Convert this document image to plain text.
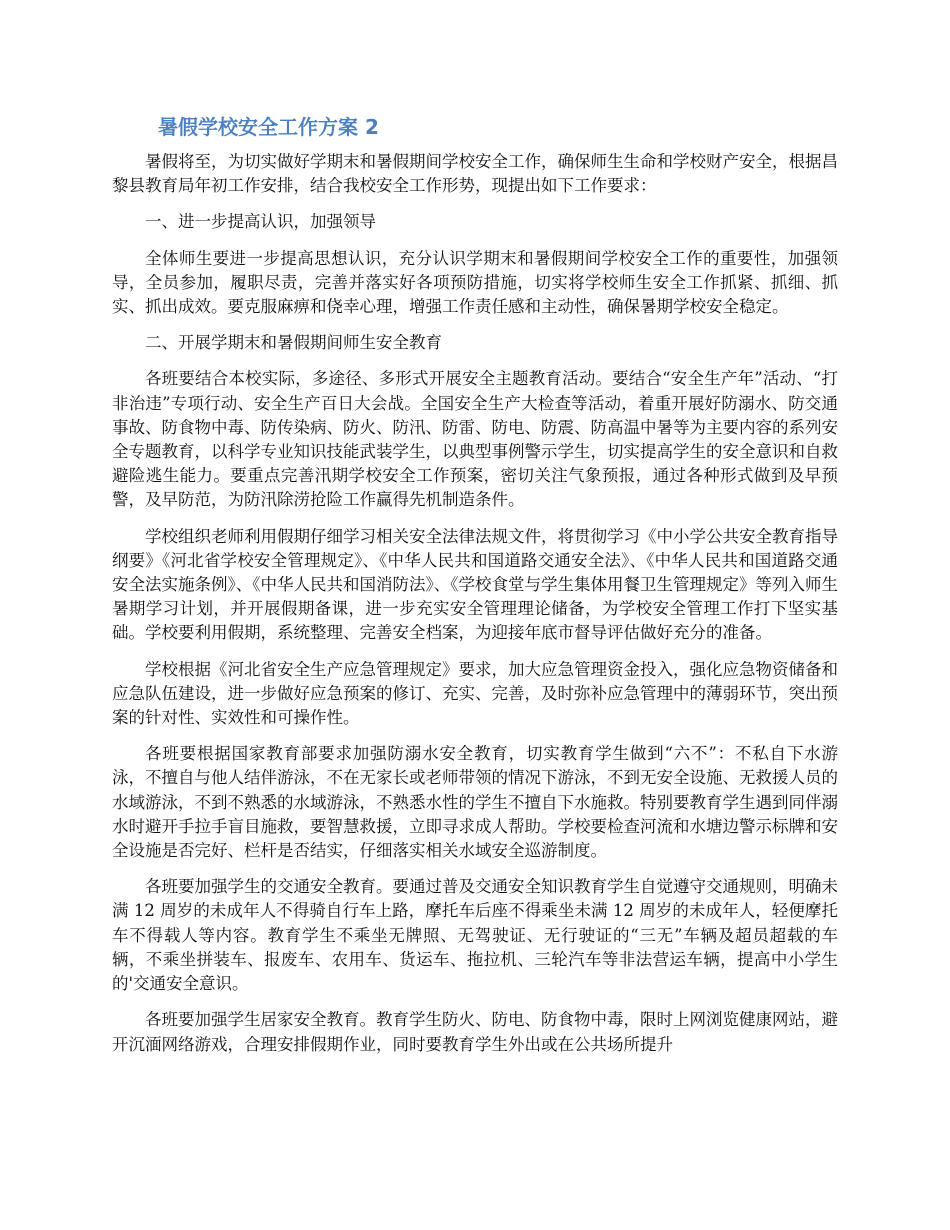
暑假学校安全工作方案 2

暑假将至，为切实做好学期末和暑假期间学校安全工作，确保师生生命和学校财产安全，根据昌黎县教育局年初工作安排，结合我校安全工作形势，现提出如下工作要求：

一、进一步提高认识，加强领导

全体师生要进一步提高思想认识，充分认识学期末和暑假期间学校安全工作的重要性，加强领导，全员参加，履职尽责，完善并落实好各项预防措施，切实将学校师生安全工作抓紧、抓细、抓实、抓出成效。要克服麻痹和侥幸心理，增强工作责任感和主动性，确保暑期学校安全稳定。

二、开展学期末和暑假期间师生安全教育

各班要结合本校实际，多途径、多形式开展安全主题教育活动。要结合“安全生产年”活动、“打非治违”专项行动、安全生产百日大会战。全国安全生产大检查等活动，着重开展好防溺水、防交通事故、防食物中毒、防传染病、防火、防汛、防雷、防电、防震、防高温中暑等为主要内容的系列安全专题教育，以科学专业知识技能武装学生，以典型事例警示学生，切实提高学生的安全意识和自救避险逃生能力。要重点完善汛期学校安全工作预案，密切关注气象预报，通过各种形式做到及早预警，及早防范，为防汛除涝抢险工作赢得先机制造条件。

学校组织老师利用假期仔细学习相关安全法律法规文件，将贯彻学习《中小学公共安全教育指导纲要》《河北省学校安全管理规定》、《中华人民共和国道路交通安全法》、《中华人民共和国道路交通安全法实施条例》、《中华人民共和国消防法》、《学校食堂与学生集体用餐卫生管理规定》等列入师生暑期学习计划，并开展假期备课，进一步充实安全管理理论储备，为学校安全管理工作打下坚实基础。学校要利用假期，系统整理、完善安全档案，为迎接年底市督导评估做好充分的准备。

学校根据《河北省安全生产应急管理规定》要求，加大应急管理资金投入，强化应急物资储备和应急队伍建设，进一步做好应急预案的修订、充实、完善，及时弥补应急管理中的薄弱环节，突出预案的针对性、实效性和可操作性。

各班要根据国家教育部要求加强防溺水安全教育，切实教育学生做到“六不”：不私自下水游泳，不擅自与他人结伴游泳，不在无家长或老师带领的情况下游泳，不到无安全设施、无救援人员的水域游泳，不到不熟悉的水域游泳，不熟悉水性的学生不擅自下水施救。特别要教育学生遇到同伴溺水时避开手拉手盲目施救，要智慧救援，立即寻求成人帮助。学校要检查河流和水塘边警示标牌和安全设施是否完好、栏杆是否结实，仔细落实相关水域安全巡游制度。

各班要加强学生的交通安全教育。要通过普及交通安全知识教育学生自觉遵守交通规则，明确未满 12 周岁的未成年人不得骑自行车上路，摩托车后座不得乘坐未满 12 周岁的未成年人，轻便摩托车不得载人等内容。教育学生不乘坐无牌照、无驾驶证、无行驶证的“三无”车辆及超员超载的车辆，不乘坐拼装车、报废车、农用车、货运车、拖拉机、三轮汽车等非法营运车辆，提高中小学生的'交通安全意识。

各班要加强学生居家安全教育。教育学生防火、防电、防食物中毒，限时上网浏览健康网站，避开沉湎网络游戏，合理安排假期作业，同时要教育学生外出或在公共场所提升
